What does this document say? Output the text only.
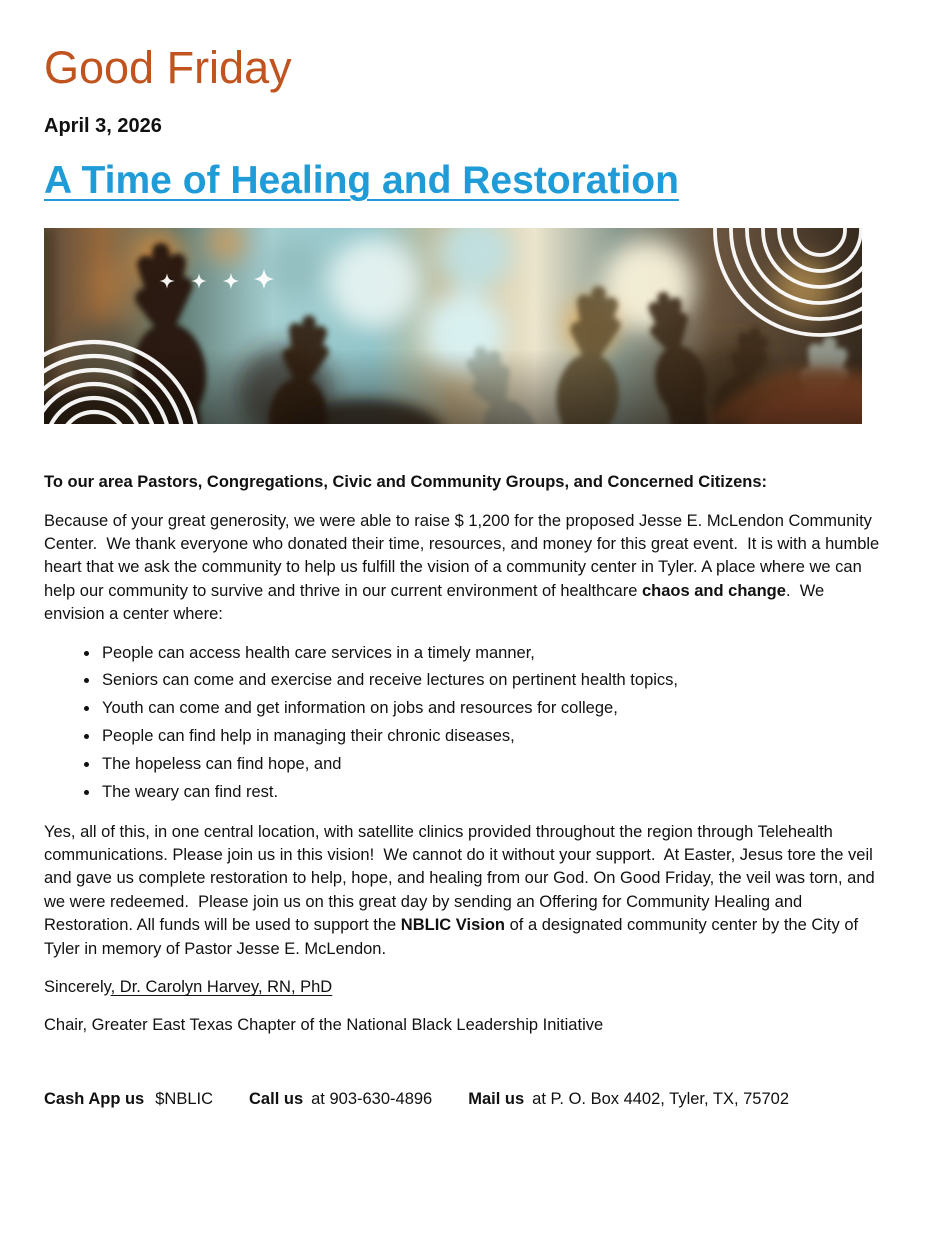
Good Friday
April 3, 2026
A Time of Healing and Restoration

To our area Pastors, Congregations, Civic and Community Groups, and Concerned Citizens:

Because of your great generosity, we were able to raise $ 1,200 for the proposed Jesse E. McLendon Community Center.  We thank everyone who donated their time, resources, and money for this great event.  It is with a humble heart that we ask the community to help us fulfill the vision of a community center in Tyler. A place where we can help our community to survive and thrive in our current environment of healthcare chaos and change.  We envision a center where:

• People can access health care services in a timely manner,
• Seniors can come and exercise and receive lectures on pertinent health topics,
• Youth can come and get information on jobs and resources for college,
• People can find help in managing their chronic diseases,
• The hopeless can find hope, and
• The weary can find rest.

Yes, all of this, in one central location, with satellite clinics provided throughout the region through Telehealth communications. Please join us in this vision!  We cannot do it without your support.  At Easter, Jesus tore the veil and gave us complete restoration to help, hope, and healing from our God. On Good Friday, the veil was torn, and we were redeemed.  Please join us on this great day by sending an Offering for Community Healing and Restoration. All funds will be used to support the NBLIC Vision of a designated community center by the City of Tyler in memory of Pastor Jesse E. McLendon.

Sincerely, Dr. Carolyn Harvey, RN, PhD

Chair, Greater East Texas Chapter of the National Black Leadership Initiative

Cash App us $NBLIC Call us at 903-630-4896 Mail us at P. O. Box 4402, Tyler, TX, 75702
